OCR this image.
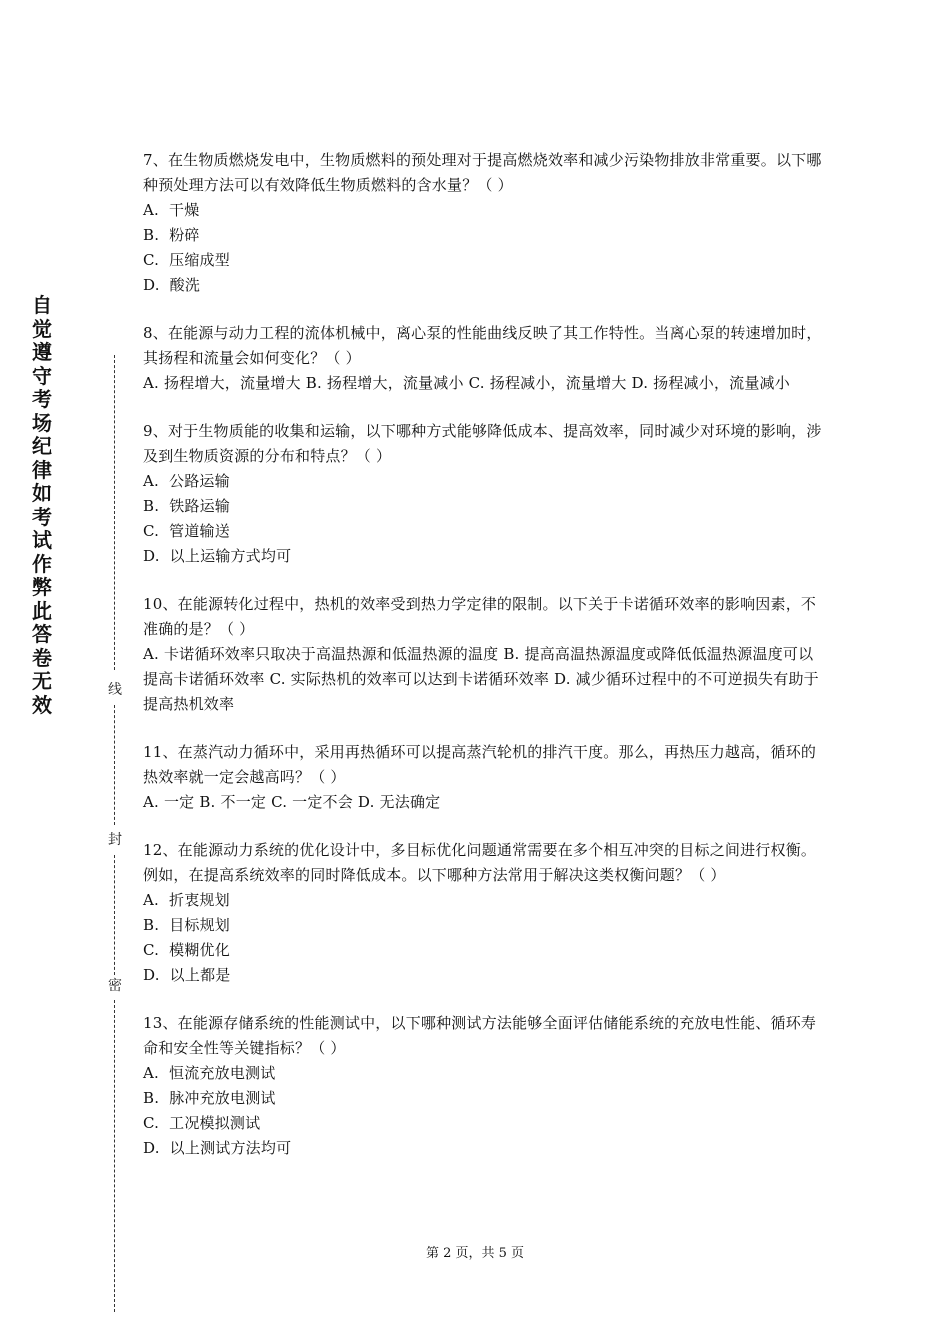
自觉遵守考场纪律如考试作弊此答卷无效
线
封
密
7、在生物质燃烧发电中，生物质燃料的预处理对于提高燃烧效率和减少污染物排放非常重要。以下哪种预处理方法可以有效降低生物质燃料的含水量？（ ）
A. 干燥
B. 粉碎
C. 压缩成型
D. 酸洗
8、在能源与动力工程的流体机械中，离心泵的性能曲线反映了其工作特性。当离心泵的转速增加时，其扬程和流量会如何变化？（ ）
A. 扬程增大，流量增大 B. 扬程增大，流量减小 C. 扬程减小，流量增大 D. 扬程减小，流量减小
9、对于生物质能的收集和运输，以下哪种方式能够降低成本、提高效率，同时减少对环境的影响，涉及到生物质资源的分布和特点？（ ）
A. 公路运输
B. 铁路运输
C. 管道输送
D. 以上运输方式均可
10、在能源转化过程中，热机的效率受到热力学定律的限制。以下关于卡诺循环效率的影响因素，不准确的是？（ ）
A. 卡诺循环效率只取决于高温热源和低温热源的温度 B. 提高高温热源温度或降低低温热源温度可以提高卡诺循环效率 C. 实际热机的效率可以达到卡诺循环效率 D. 减少循环过程中的不可逆损失有助于提高热机效率
11、在蒸汽动力循环中，采用再热循环可以提高蒸汽轮机的排汽干度。那么，再热压力越高，循环的热效率就一定会越高吗？（ ）
A. 一定 B. 不一定 C. 一定不会 D. 无法确定
12、在能源动力系统的优化设计中，多目标优化问题通常需要在多个相互冲突的目标之间进行权衡。例如，在提高系统效率的同时降低成本。以下哪种方法常用于解决这类权衡问题？（ ）
A. 折衷规划
B. 目标规划
C. 模糊优化
D. 以上都是
13、在能源存储系统的性能测试中，以下哪种测试方法能够全面评估储能系统的充放电性能、循环寿命和安全性等关键指标？（ ）
A. 恒流充放电测试
B. 脉冲充放电测试
C. 工况模拟测试
D. 以上测试方法均可
第 2 页，共 5 页
